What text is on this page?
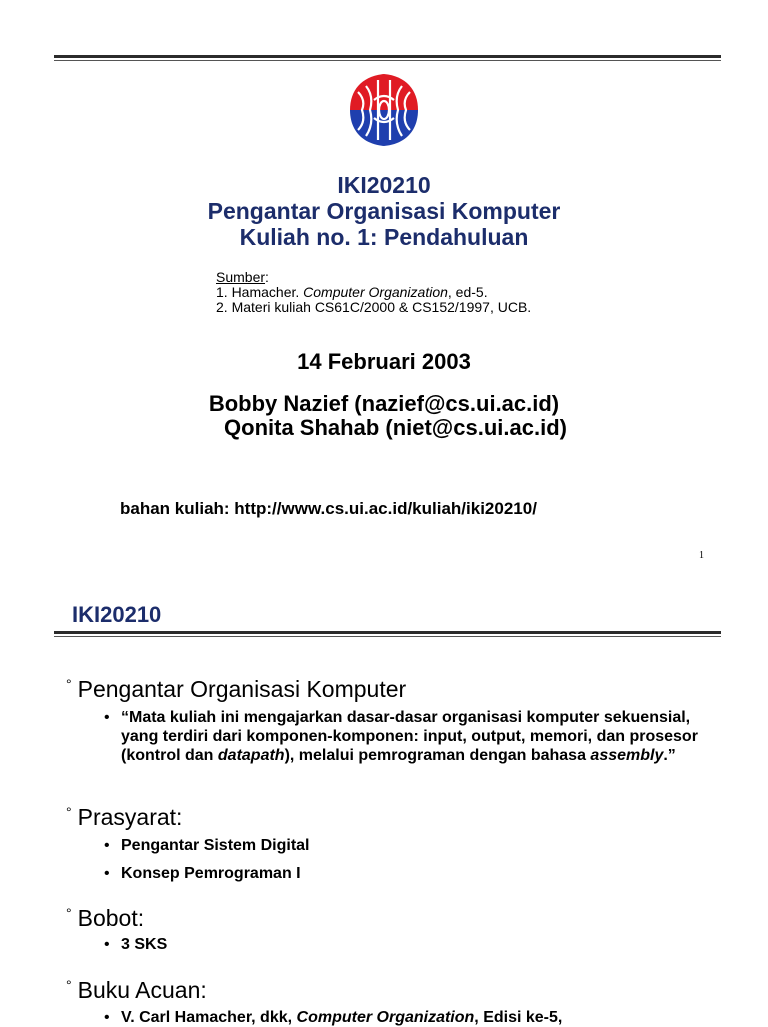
IKI20210
Pengantar Organisasi Komputer
Kuliah no. 1: Pendahuluan
Sumber:
1. Hamacher. Computer Organization, ed-5.
2. Materi kuliah CS61C/2000 & CS152/1997, UCB.
14 Februari 2003
Bobby Nazief (nazief@cs.ui.ac.id)
Qonita Shahab (niet@cs.ui.ac.id)
bahan kuliah: http://www.cs.ui.ac.id/kuliah/iki20210/
1
IKI20210
° Pengantar Organisasi Komputer
• “Mata kuliah ini mengajarkan dasar-dasar organisasi komputer sekuensial, yang terdiri dari komponen-komponen: input, output, memori, dan prosesor (kontrol dan datapath), melalui pemrograman dengan bahasa assembly.”
° Prasyarat:
• Pengantar Sistem Digital
• Konsep Pemrograman I
° Bobot:
• 3 SKS
° Buku Acuan:
• V. Carl Hamacher, dkk, Computer Organization, Edisi ke-5,
